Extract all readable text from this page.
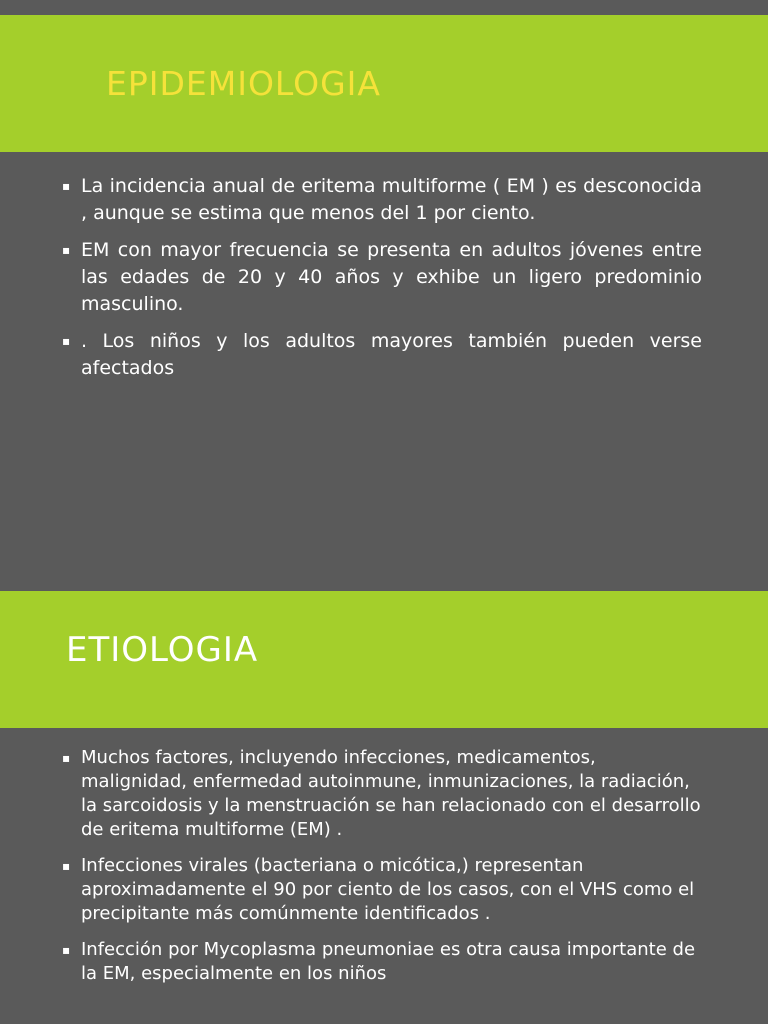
EPIDEMIOLOGIA
▪ La incidencia anual de eritema multiforme ( EM ) es desconocida , aunque se estima que menos del 1 por ciento.
▪ EM con mayor frecuencia se presenta en adultos jóvenes entre las edades de 20 y 40 años y exhibe un ligero predominio masculino.
▪ . Los niños y los adultos mayores también pueden verse afectados
ETIOLOGIA
▪ Muchos factores, incluyendo infecciones, medicamentos, malignidad, enfermedad autoinmune, inmunizaciones, la radiación, la sarcoidosis y la menstruación se han relacionado con el desarrollo de eritema multiforme (EM) .
▪ Infecciones virales (bacteriana o micótica,) representan aproximadamente el 90 por ciento de los casos, con el VHS como el precipitante más comúnmente identificados .
▪ Infección por Mycoplasma pneumoniae es otra causa importante de la EM, especialmente en los niños
